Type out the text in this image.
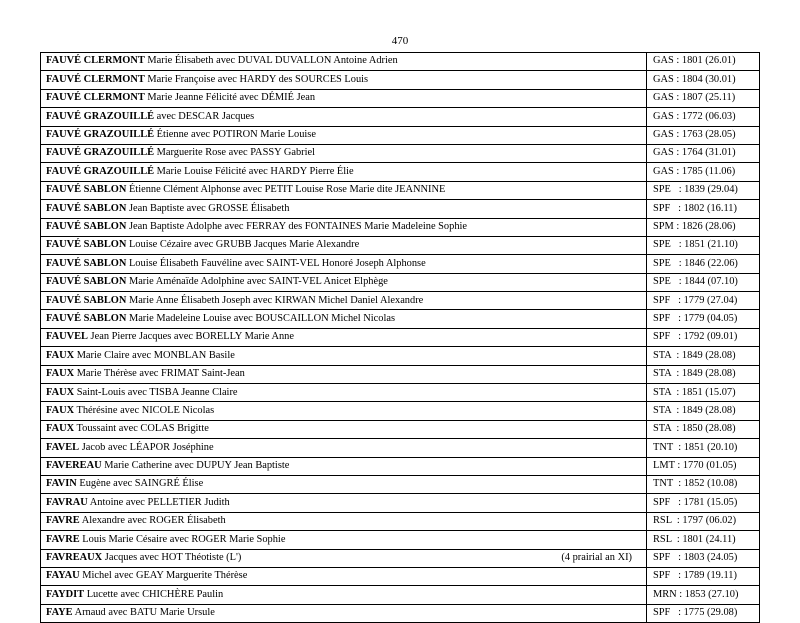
470
FAUVÉ CLERMONT Marie Élisabeth avec DUVAL DUVALLON Antoine Adrien	GAS : 1801 (26.01)
FAUVÉ CLERMONT Marie Françoise avec HARDY des SOURCES Louis	GAS : 1804 (30.01)
FAUVÉ CLERMONT Marie Jeanne Félicité avec DÉMIÉ Jean	GAS : 1807 (25.11)
FAUVÉ GRAZOUILLÉ avec DESCAR Jacques	GAS : 1772 (06.03)
FAUVÉ GRAZOUILLÉ Étienne avec POTIRON Marie Louise	GAS : 1763 (28.05)
FAUVÉ GRAZOUILLÉ Marguerite Rose avec PASSY Gabriel	GAS : 1764 (31.01)
FAUVÉ GRAZOUILLÉ Marie Louise Félicité avec HARDY Pierre Élie	GAS : 1785 (11.06)
FAUVÉ SABLON Étienne Clément Alphonse avec PETIT Louise Rose Marie dite JEANNINE	SPE   : 1839 (29.04)
FAUVÉ SABLON Jean Baptiste avec GROSSE Élisabeth	SPF   : 1802 (16.11)
FAUVÉ SABLON Jean Baptiste Adolphe avec FERRAY des FONTAINES Marie Madeleine Sophie	SPM : 1826 (28.06)
FAUVÉ SABLON Louise Cézaire avec GRUBB Jacques Marie Alexandre	SPE   : 1851 (21.10)
FAUVÉ SABLON Louise Élisabeth Fauvéline avec SAINT-VEL Honoré Joseph Alphonse	SPE   : 1846 (22.06)
FAUVÉ SABLON Marie Aménaïde Adolphine avec SAINT-VEL Anicet Elphège	SPE   : 1844 (07.10)
FAUVÉ SABLON Marie Anne Élisabeth Joseph avec KIRWAN Michel Daniel Alexandre	SPF   : 1779 (27.04)
FAUVÉ SABLON Marie Madeleine Louise avec BOUSCAILLON Michel Nicolas	SPF   : 1779 (04.05)
FAUVEL Jean Pierre Jacques avec BORELLY Marie Anne	SPF   : 1792 (09.01)
FAUX Marie Claire avec MONBLAN Basile	STA  : 1849 (28.08)
FAUX Marie Thérèse avec FRIMAT Saint-Jean	STA  : 1849 (28.08)
FAUX Saint-Louis avec TISBA Jeanne Claire	STA  : 1851 (15.07)
FAUX Thérésine avec NICOLE Nicolas	STA  : 1849 (28.08)
FAUX Toussaint avec COLAS Brigitte	STA  : 1850 (28.08)
FAVEL Jacob avec LÉAPOR Joséphine	TNT  : 1851 (20.10)
FAVEREAU Marie Catherine avec DUPUY Jean Baptiste	LMT : 1770 (01.05)
FAVIN Eugène avec SAINGRÉ Élise	TNT  : 1852 (10.08)
FAVRAU Antoine avec PELLETIER Judith	SPF   : 1781 (15.05)
FAVRE Alexandre avec ROGER Élisabeth	RSL  : 1797 (06.02)
FAVRE Louis Marie Césaire avec ROGER Marie Sophie	RSL  : 1801 (24.11)

(4 prairial an XI)
FAVREAUX Jacques avec HOT Théotiste (L')	SPF   : 1803 (24.05)
FAYAU Michel avec GEAY Marguerite Thérèse	SPF   : 1789 (19.11)
FAYDIT Lucette avec CHICHÈRE Paulin	MRN : 1853 (27.10)
FAYE Arnaud avec BATU Marie Ursule	SPF   : 1775 (29.08)
